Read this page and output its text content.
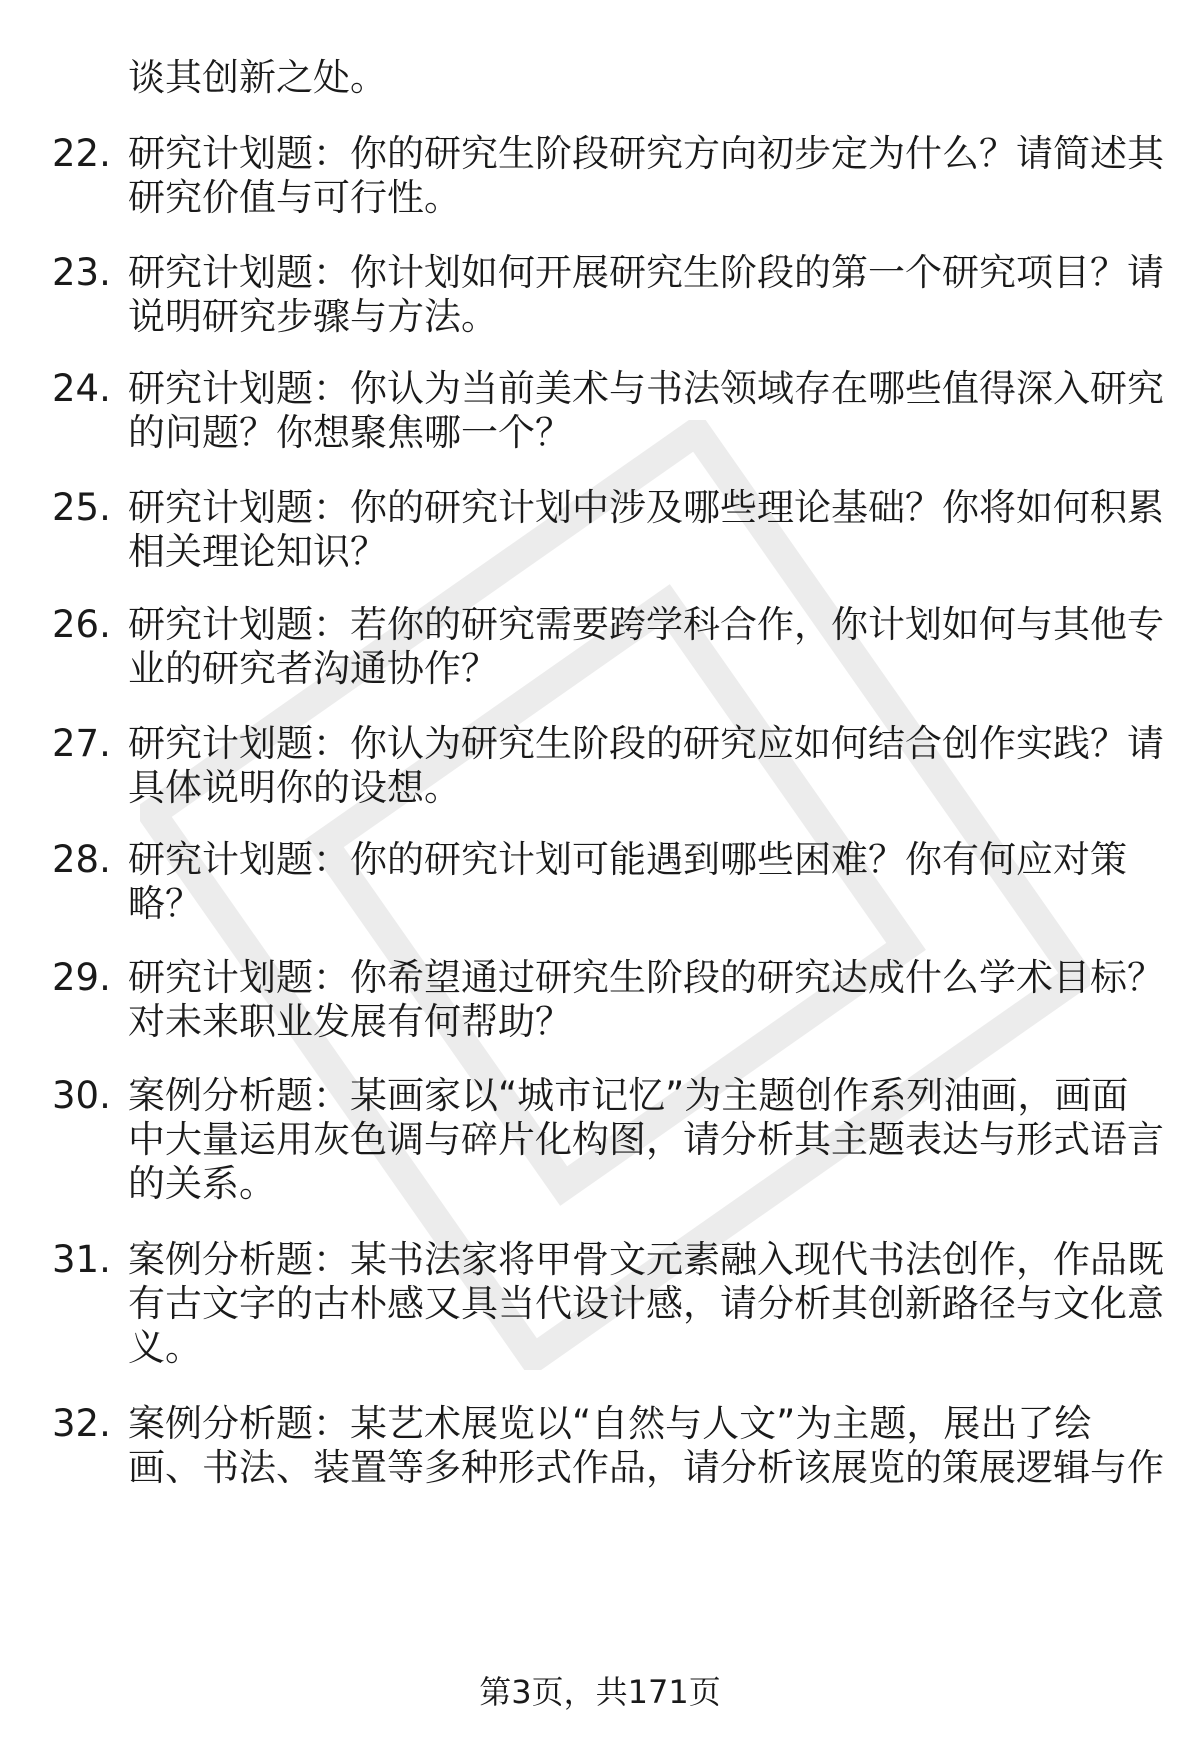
谈其创新之处。
22. 研究计划题：你的研究生阶段研究方向初步定为什么？请简述其
研究价值与可行性。
23. 研究计划题：你计划如何开展研究生阶段的第一个研究项目？请
说明研究步骤与方法。
24. 研究计划题：你认为当前美术与书法领域存在哪些值得深入研究
的问题？你想聚焦哪一个？
25. 研究计划题：你的研究计划中涉及哪些理论基础？你将如何积累
相关理论知识？
26. 研究计划题：若你的研究需要跨学科合作，你计划如何与其他专
业的研究者沟通协作？
27. 研究计划题：你认为研究生阶段的研究应如何结合创作实践？请
具体说明你的设想。
28. 研究计划题：你的研究计划可能遇到哪些困难？你有何应对策
略？
29. 研究计划题：你希望通过研究生阶段的研究达成什么学术目标？
对未来职业发展有何帮助？
30. 案例分析题：某画家以“城市记忆”为主题创作系列油画，画面
中大量运用灰色调与碎片化构图，请分析其主题表达与形式语言
的关系。
31. 案例分析题：某书法家将甲骨文元素融入现代书法创作，作品既
有古文字的古朴感又具当代设计感，请分析其创新路径与文化意
义。
32. 案例分析题：某艺术展览以“自然与人文”为主题，展出了绘
画、书法、装置等多种形式作品，请分析该展览的策展逻辑与作
第3页，共171页
